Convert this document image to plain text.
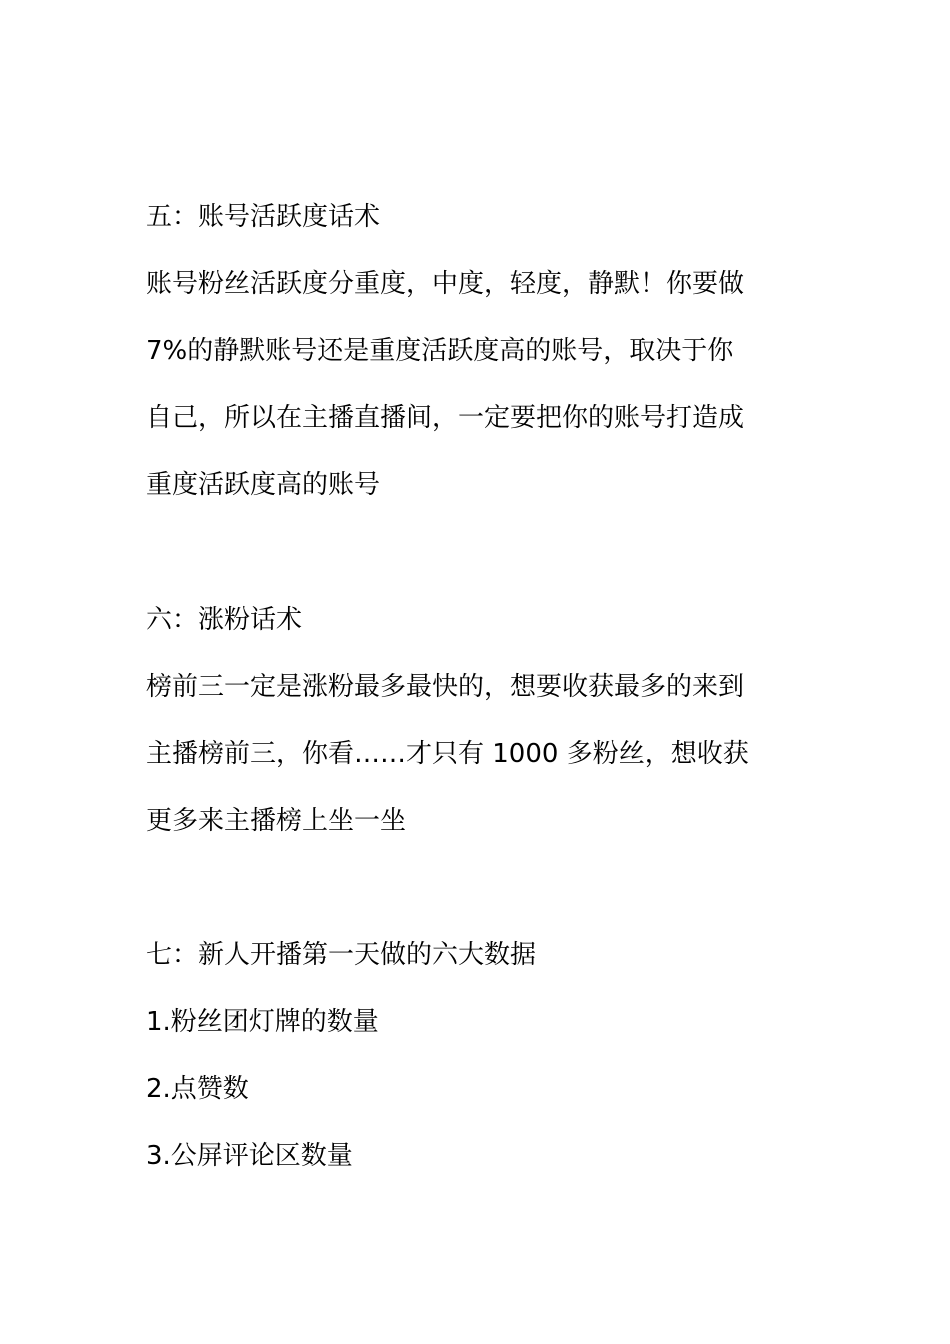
五：账号活跃度话术

账号粉丝活跃度分重度，中度，轻度，静默！你要做

7%的静默账号还是重度活跃度高的账号，取决于你

自己，所以在主播直播间，一定要把你的账号打造成

重度活跃度高的账号

六：涨粉话术

榜前三一定是涨粉最多最快的，想要收获最多的来到

主播榜前三，你看……才只有 1000 多粉丝，想收获

更多来主播榜上坐一坐

七：新人开播第一天做的六大数据

1.粉丝团灯牌的数量

2.点赞数

3.公屏评论区数量
